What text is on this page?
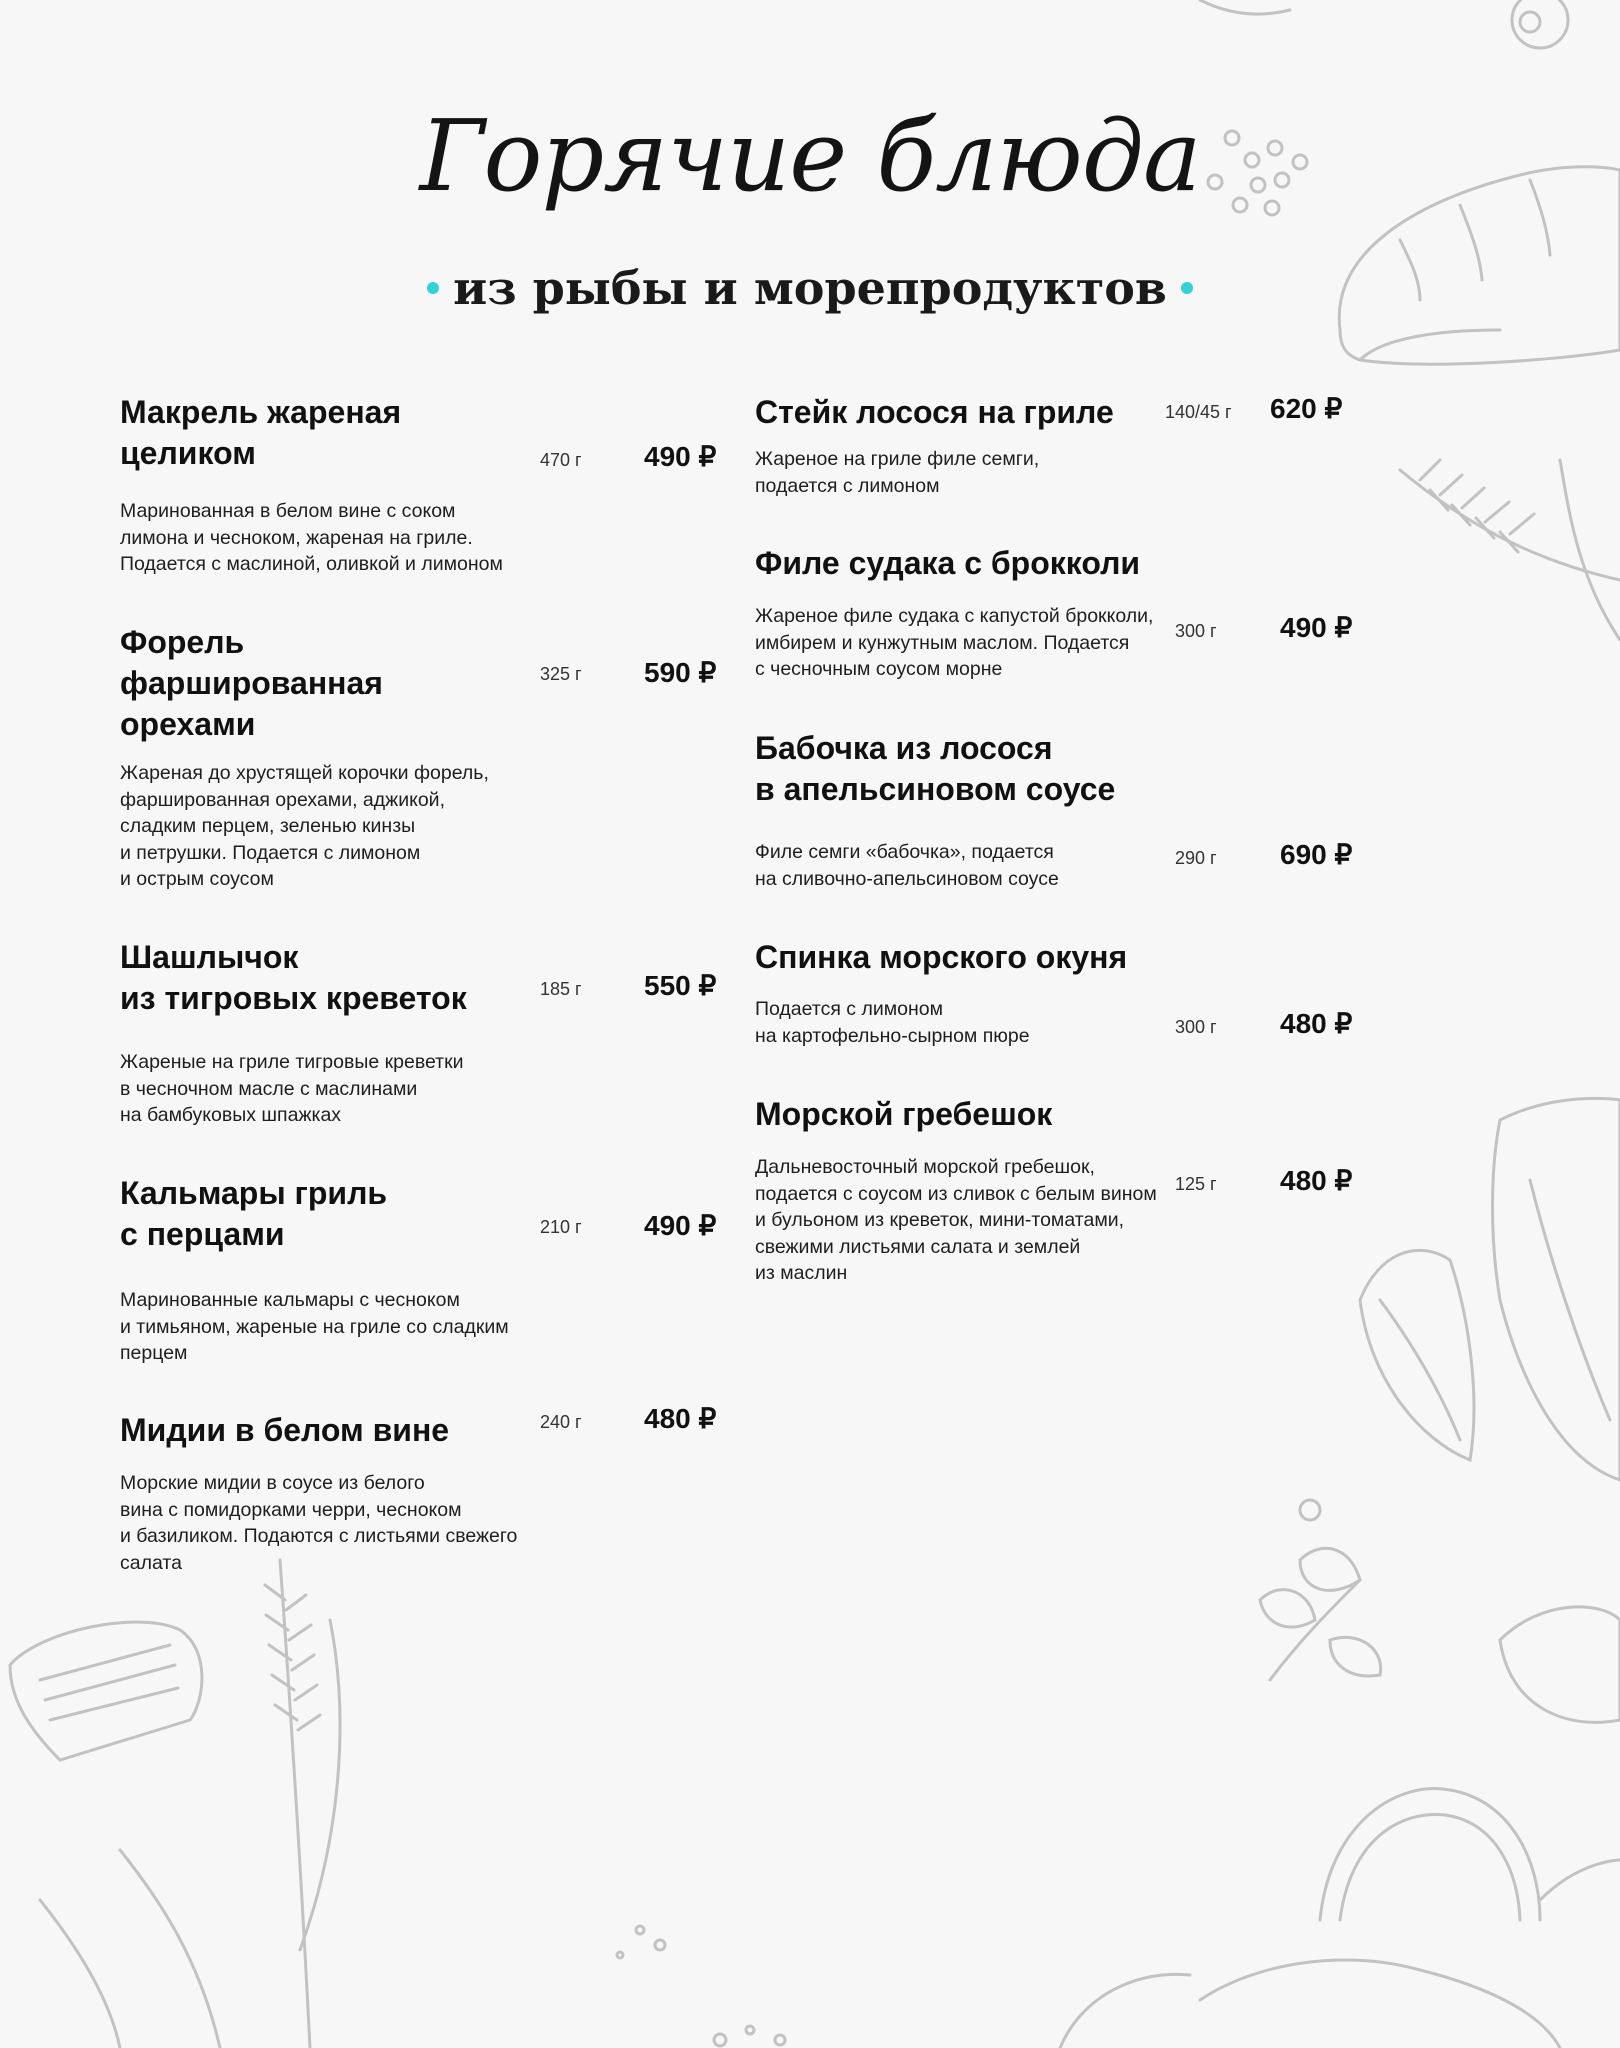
Горячие блюда
из рыбы и морепродуктов
Макрель жареная
целиком	470 г 490 ₽
Маринованная в белом вине с соком
лимона и чесноком, жареная на гриле.
Подается с маслиной, оливкой и лимоном
Форель
фаршированная
орехами
325 г 590 ₽
Жареная до хрустящей корочки форель,
фаршированная орехами, аджикой,
сладким перцем, зеленью кинзы
и петрушки. Подается с лимоном
и острым соусом
Шашлычок
из тигровых креветок	185 г 550 ₽
Жареные на гриле тигровые креветки
в чесночном масле с маслинами
на бамбуковых шпажках
Кальмары гриль
с перцами	210 г 490 ₽
Маринованные кальмары с чесноком
и тимьяном, жареные на гриле со сладким
перцем
Мидии в белом вине	240 г 480 ₽
Морские мидии в соусе из белого
вина с помидорками черри, чесноком
и базиликом. Подаются с листьями свежего
салата
Стейк лосося на гриле	140/45 г 620 ₽
Жареное на гриле филе семги,
подается с лимоном
Филе судака с брокколи
300 г 490 ₽
Жареное филе судака с капустой брокколи,
имбирем и кунжутным маслом. Подается
с чесночным соусом морне
Бабочка из лосося
в апельсиновом соусе
290 г 690 ₽
Филе семги «бабочка», подается
на сливочно-апельсиновом соусе
Спинка морского окуня
300 г 480 ₽
Подается с лимоном
на картофельно-сырном пюре
Морской гребешок
125 г 480 ₽
Дальневосточный морской гребешок,
подается с соусом из сливок с белым вином
и бульоном из креветок, мини-томатами,
свежими листьями салата и землей
из маслин
